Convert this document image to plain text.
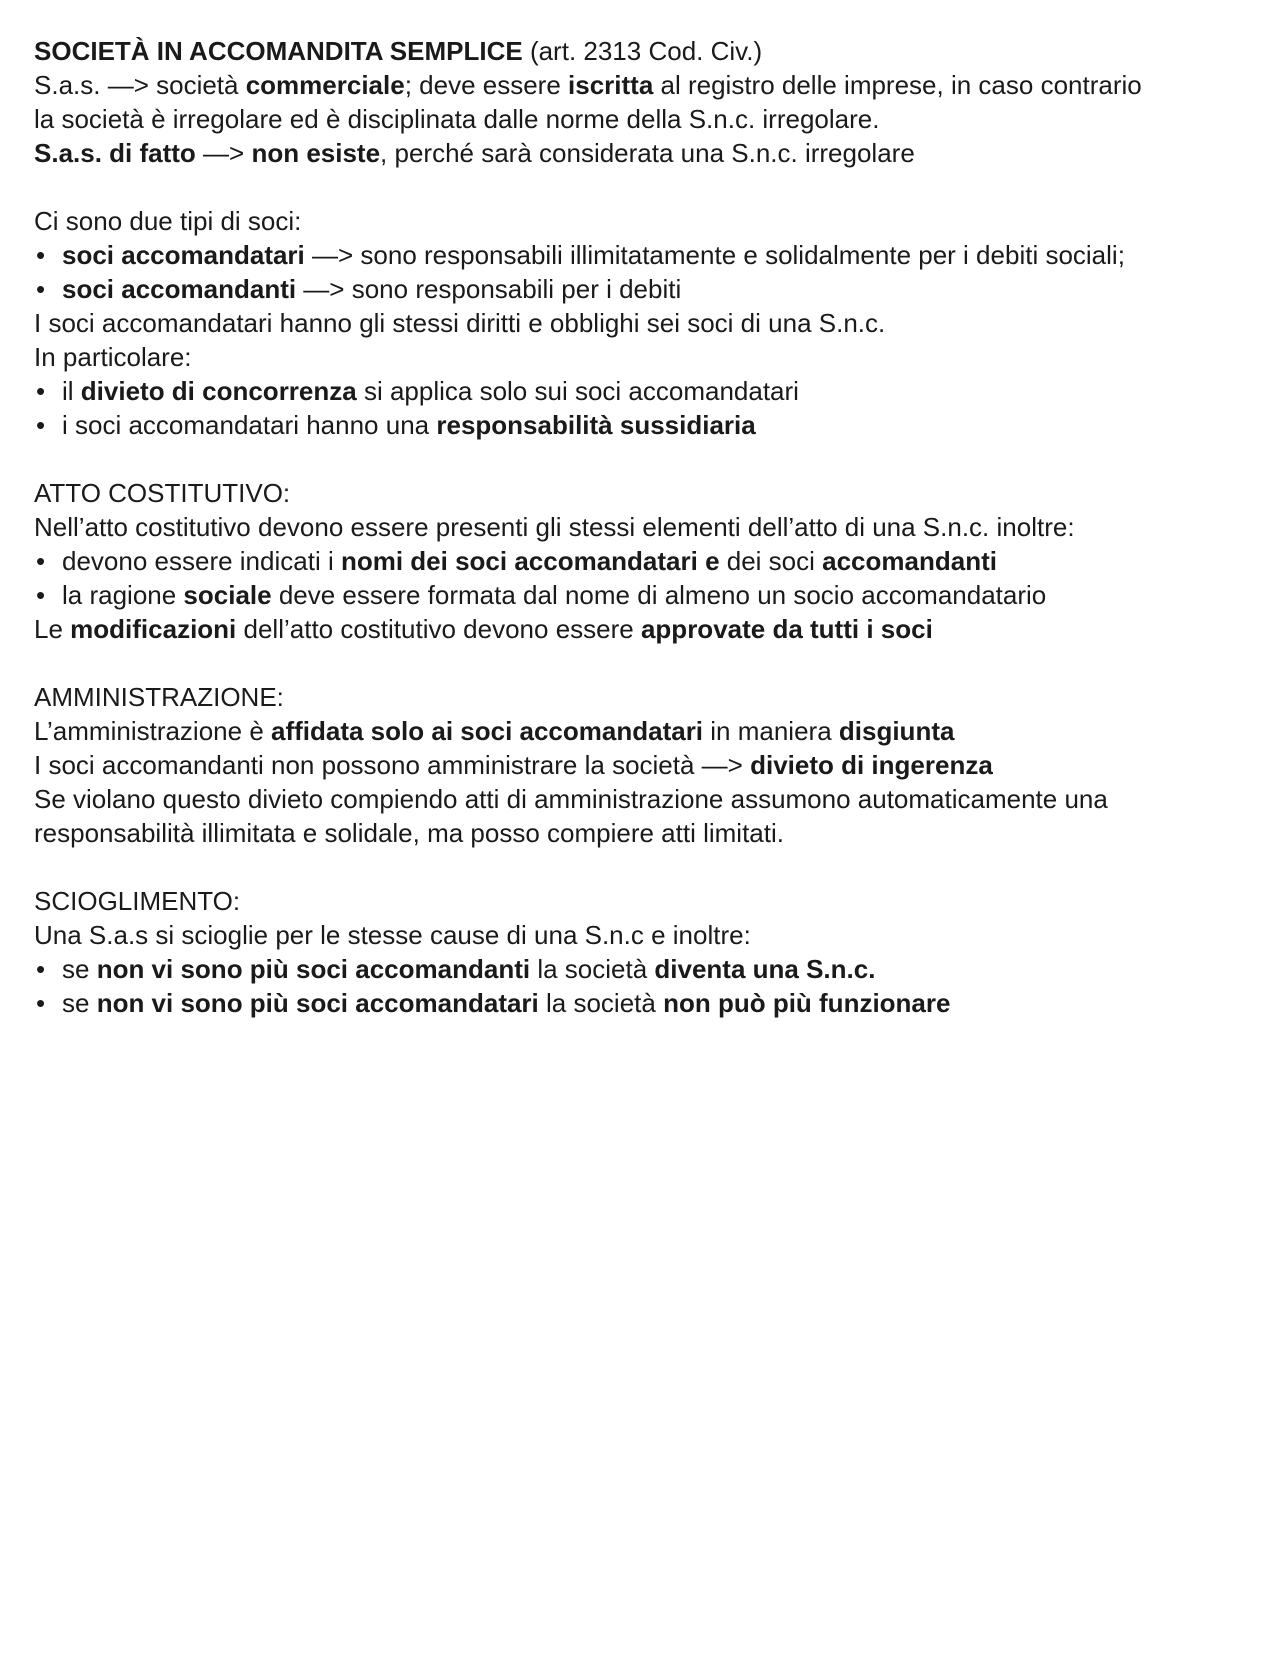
SOCIETÀ IN ACCOMANDITA SEMPLICE (art. 2313 Cod. Civ.)

S.a.s. —> società commerciale; deve essere iscritta al registro delle imprese, in caso contrario

la società è irregolare ed è disciplinata dalle norme della S.n.c. irregolare.

S.a.s. di fatto —> non esiste, perché sarà considerata una S.n.c. irregolare

Ci sono due tipi di soci:

• soci accomandatari —> sono responsabili illimitatamente e solidalmente per i debiti sociali;
• soci accomandanti —> sono responsabili per i debiti

I soci accomandatari hanno gli stessi diritti e obblighi sei soci di una S.n.c.

In particolare:

• il divieto di concorrenza si applica solo sui soci accomandatari
• i soci accomandatari hanno una responsabilità sussidiaria

ATTO COSTITUTIVO:

Nell’atto costitutivo devono essere presenti gli stessi elementi dell’atto di una S.n.c. inoltre:

• devono essere indicati i nomi dei soci accomandatari e dei soci accomandanti
• la ragione sociale deve essere formata dal nome di almeno un socio accomandatario

Le modificazioni dell’atto costitutivo devono essere approvate da tutti i soci

AMMINISTRAZIONE:

L’amministrazione è affidata solo ai soci accomandatari in maniera disgiunta

I soci accomandanti non possono amministrare la società —> divieto di ingerenza

Se violano questo divieto compiendo atti di amministrazione assumono automaticamente una

responsabilità illimitata e solidale, ma posso compiere atti limitati.

SCIOGLIMENTO:

Una S.a.s si scioglie per le stesse cause di una S.n.c e inoltre:

• se non vi sono più soci accomandanti la società diventa una S.n.c.
• se non vi sono più soci accomandatari la società non può più funzionare
